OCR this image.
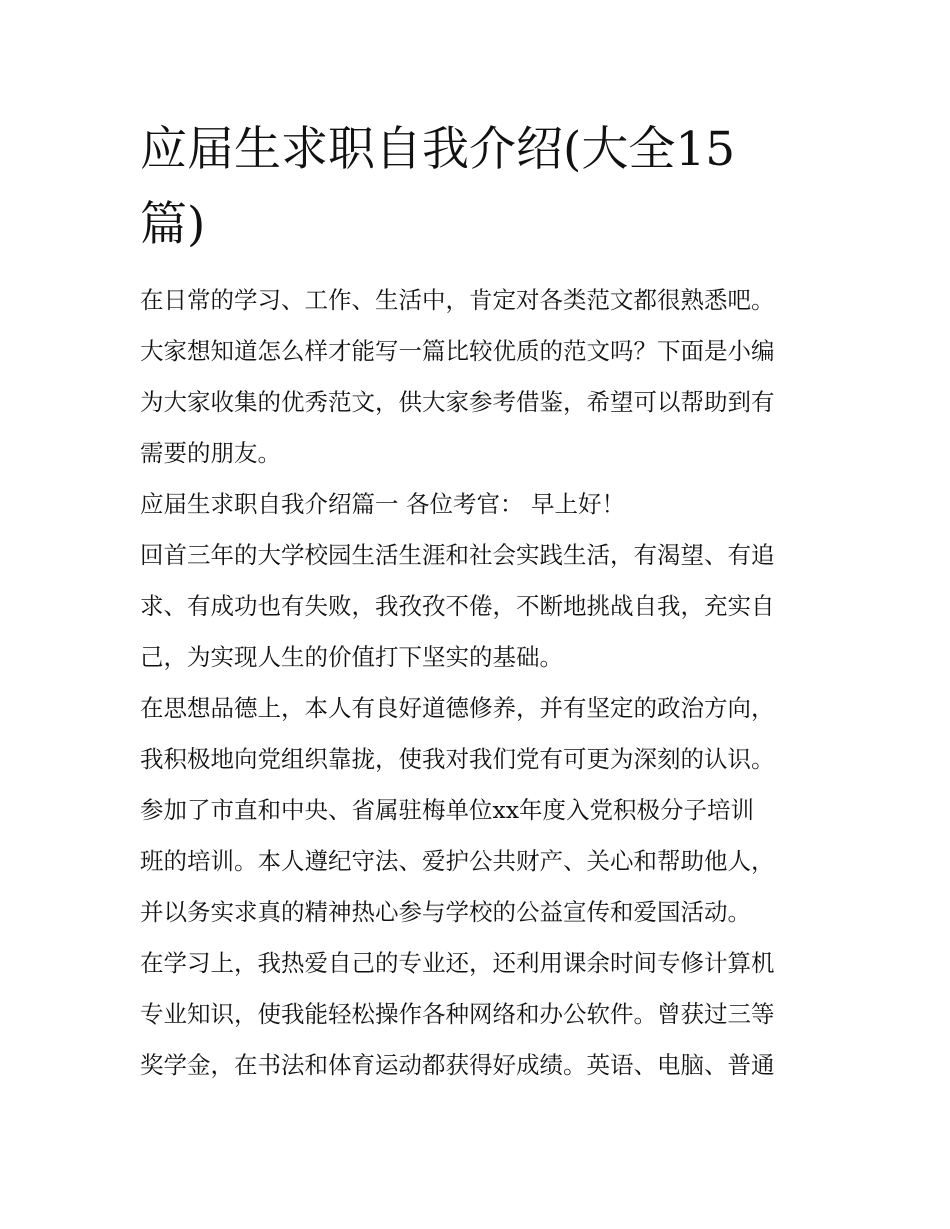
应届生求职自我介绍(大全15
篇)
在日常的学习、工作、生活中，肯定对各类范文都很熟悉吧。
大家想知道怎么样才能写一篇比较优质的范文吗？下面是小编
为大家收集的优秀范文，供大家参考借鉴，希望可以帮助到有
需要的朋友。
应届生求职自我介绍篇一 各位考官： 早上好！
回首三年的大学校园生活生涯和社会实践生活，有渴望、有追
求、有成功也有失败，我孜孜不倦，不断地挑战自我，充实自
己，为实现人生的价值打下坚实的基础。
在思想品德上，本人有良好道德修养，并有坚定的政治方向，
我积极地向党组织靠拢，使我对我们党有可更为深刻的认识。
参加了市直和中央、省属驻梅单位xx年度入党积极分子培训
班的培训。本人遵纪守法、爱护公共财产、关心和帮助他人，
并以务实求真的精神热心参与学校的公益宣传和爱国活动。
在学习上，我热爱自己的专业还，还利用课余时间专修计算机
专业知识，使我能轻松操作各种网络和办公软件。曾获过三等
奖学金，在书法和体育运动都获得好成绩。英语、电脑、普通
